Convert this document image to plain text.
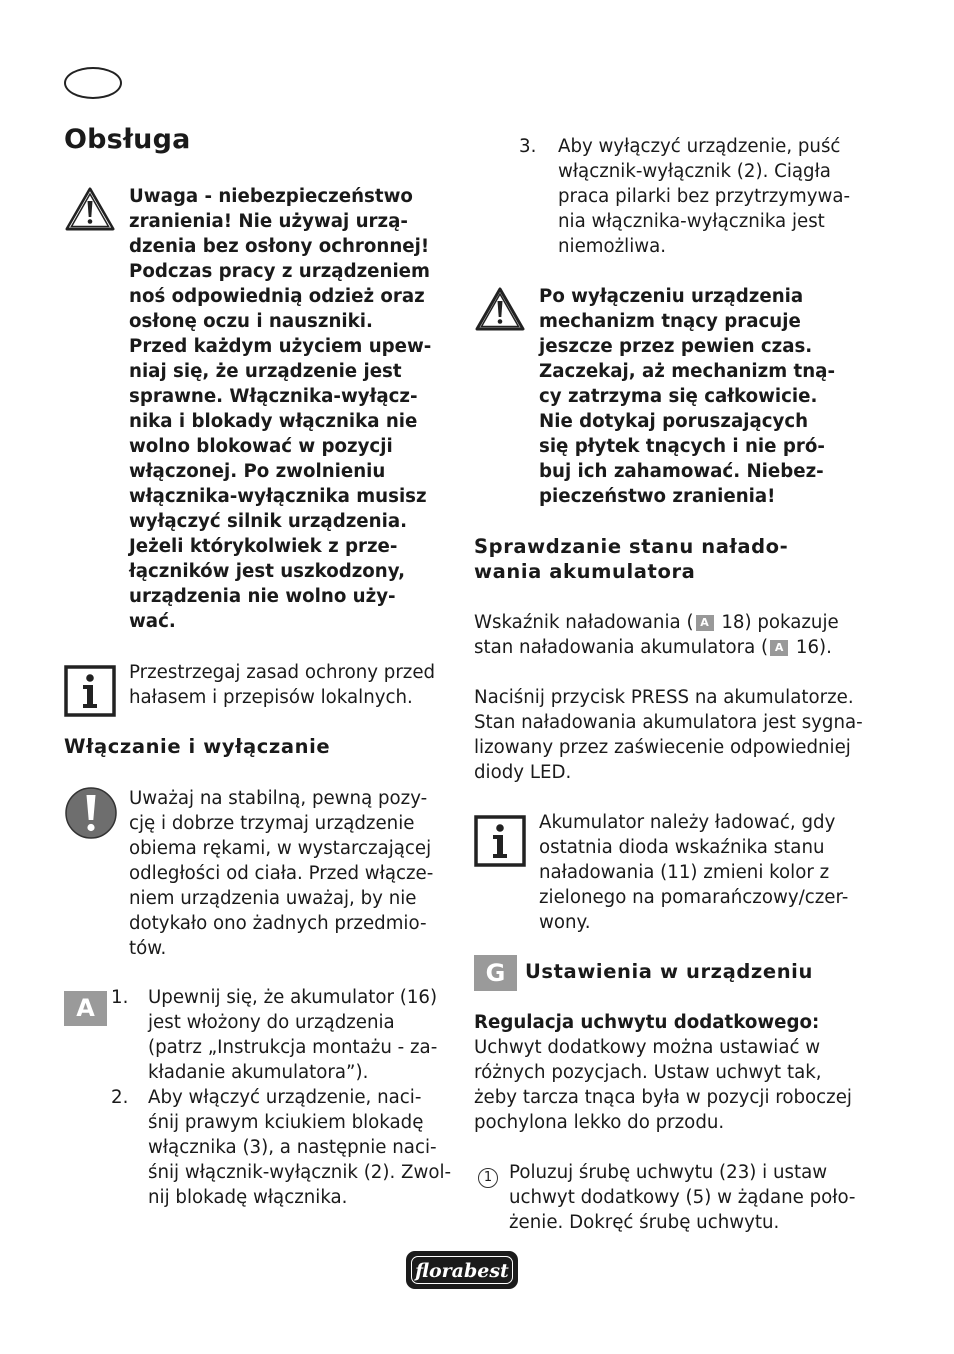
Obsługa
Uwaga - niebezpieczeństwo
zranienia! Nie używaj urzą-
dzenia bez osłony ochronnej!
Podczas pracy z urządzeniem
noś odpowiednią odzież oraz
osłonę oczu i nauszniki.
Przed każdym użyciem upew-
niaj się, że urządzenie jest
sprawne. Włącznika-wyłącz-
nika i blokady włącznika nie
wolno blokować w pozycji
włączonej. Po zwolnieniu
włącznika-wyłącznika musisz
wyłączyć silnik urządzenia.
Jeżeli którykolwiek z prze-
łączników jest uszkodzony,
urządzenia nie wolno uży-
wać.
Przestrzegaj zasad ochrony przed
hałasem i przepisów lokalnych.
Włączanie i wyłączanie
Uważaj na stabilną, pewną pozy-
cję i dobrze trzymaj urządzenie
obiema rękami, w wystarczającej
odległości od ciała. Przed włącze-
niem urządzenia uważaj, by nie
dotykało ono żadnych przedmio-
tów.
A 1. Upewnij się, że akumulator (16)
jest włożony do urządzenia
(patrz „Instrukcja montażu - za-
kładanie akumulatora”).
2. Aby włączyć urządzenie, naci-
śnij prawym kciukiem blokadę
włącznika (3), a następnie naci-
śnij włącznik-wyłącznik (2). Zwol-
nij blokadę włącznika.
3. Aby wyłączyć urządzenie, puść
włącznik-wyłącznik (2). Ciągła
praca pilarki bez przytrzymywa-
nia włącznika-wyłącznika jest
niemożliwa.
Po wyłączeniu urządzenia
mechanizm tnący pracuje
jeszcze przez pewien czas.
Zaczekaj, aż mechanizm tną-
cy zatrzyma się całkowicie.
Nie dotykaj poruszających
się płytek tnących i nie pró-
buj ich zahamować. Niebez-
pieczeństwo zranienia!
Sprawdzanie stanu nałado-
wania akumulatora
Wskaźnik naładowania ( A 18) pokazuje
stan naładowania akumulatora ( A 16).
Naciśnij przycisk PRESS na akumulatorze.
Stan naładowania akumulatora jest sygna-
lizowany przez zaświecenie odpowiedniej
diody LED.
Akumulator należy ładować, gdy
ostatnia dioda wskaźnika stanu
naładowania (11) zmieni kolor z
zielonego na pomarańczowy/czer-
wony.
G	Ustawienia w urządzeniu
Regulacja uchwytu dodatkowego:
Uchwyt dodatkowy można ustawiać w
różnych pozycjach. Ustaw uchwyt tak,
żeby tarcza tnąca była w pozycji roboczej
pochylona lekko do przodu.
1 Poluzuj śrubę uchwytu (23) i ustaw
uchwyt dodatkowy (5) w żądane poło-
żenie. Dokręć śrubę uchwytu.
florabest
